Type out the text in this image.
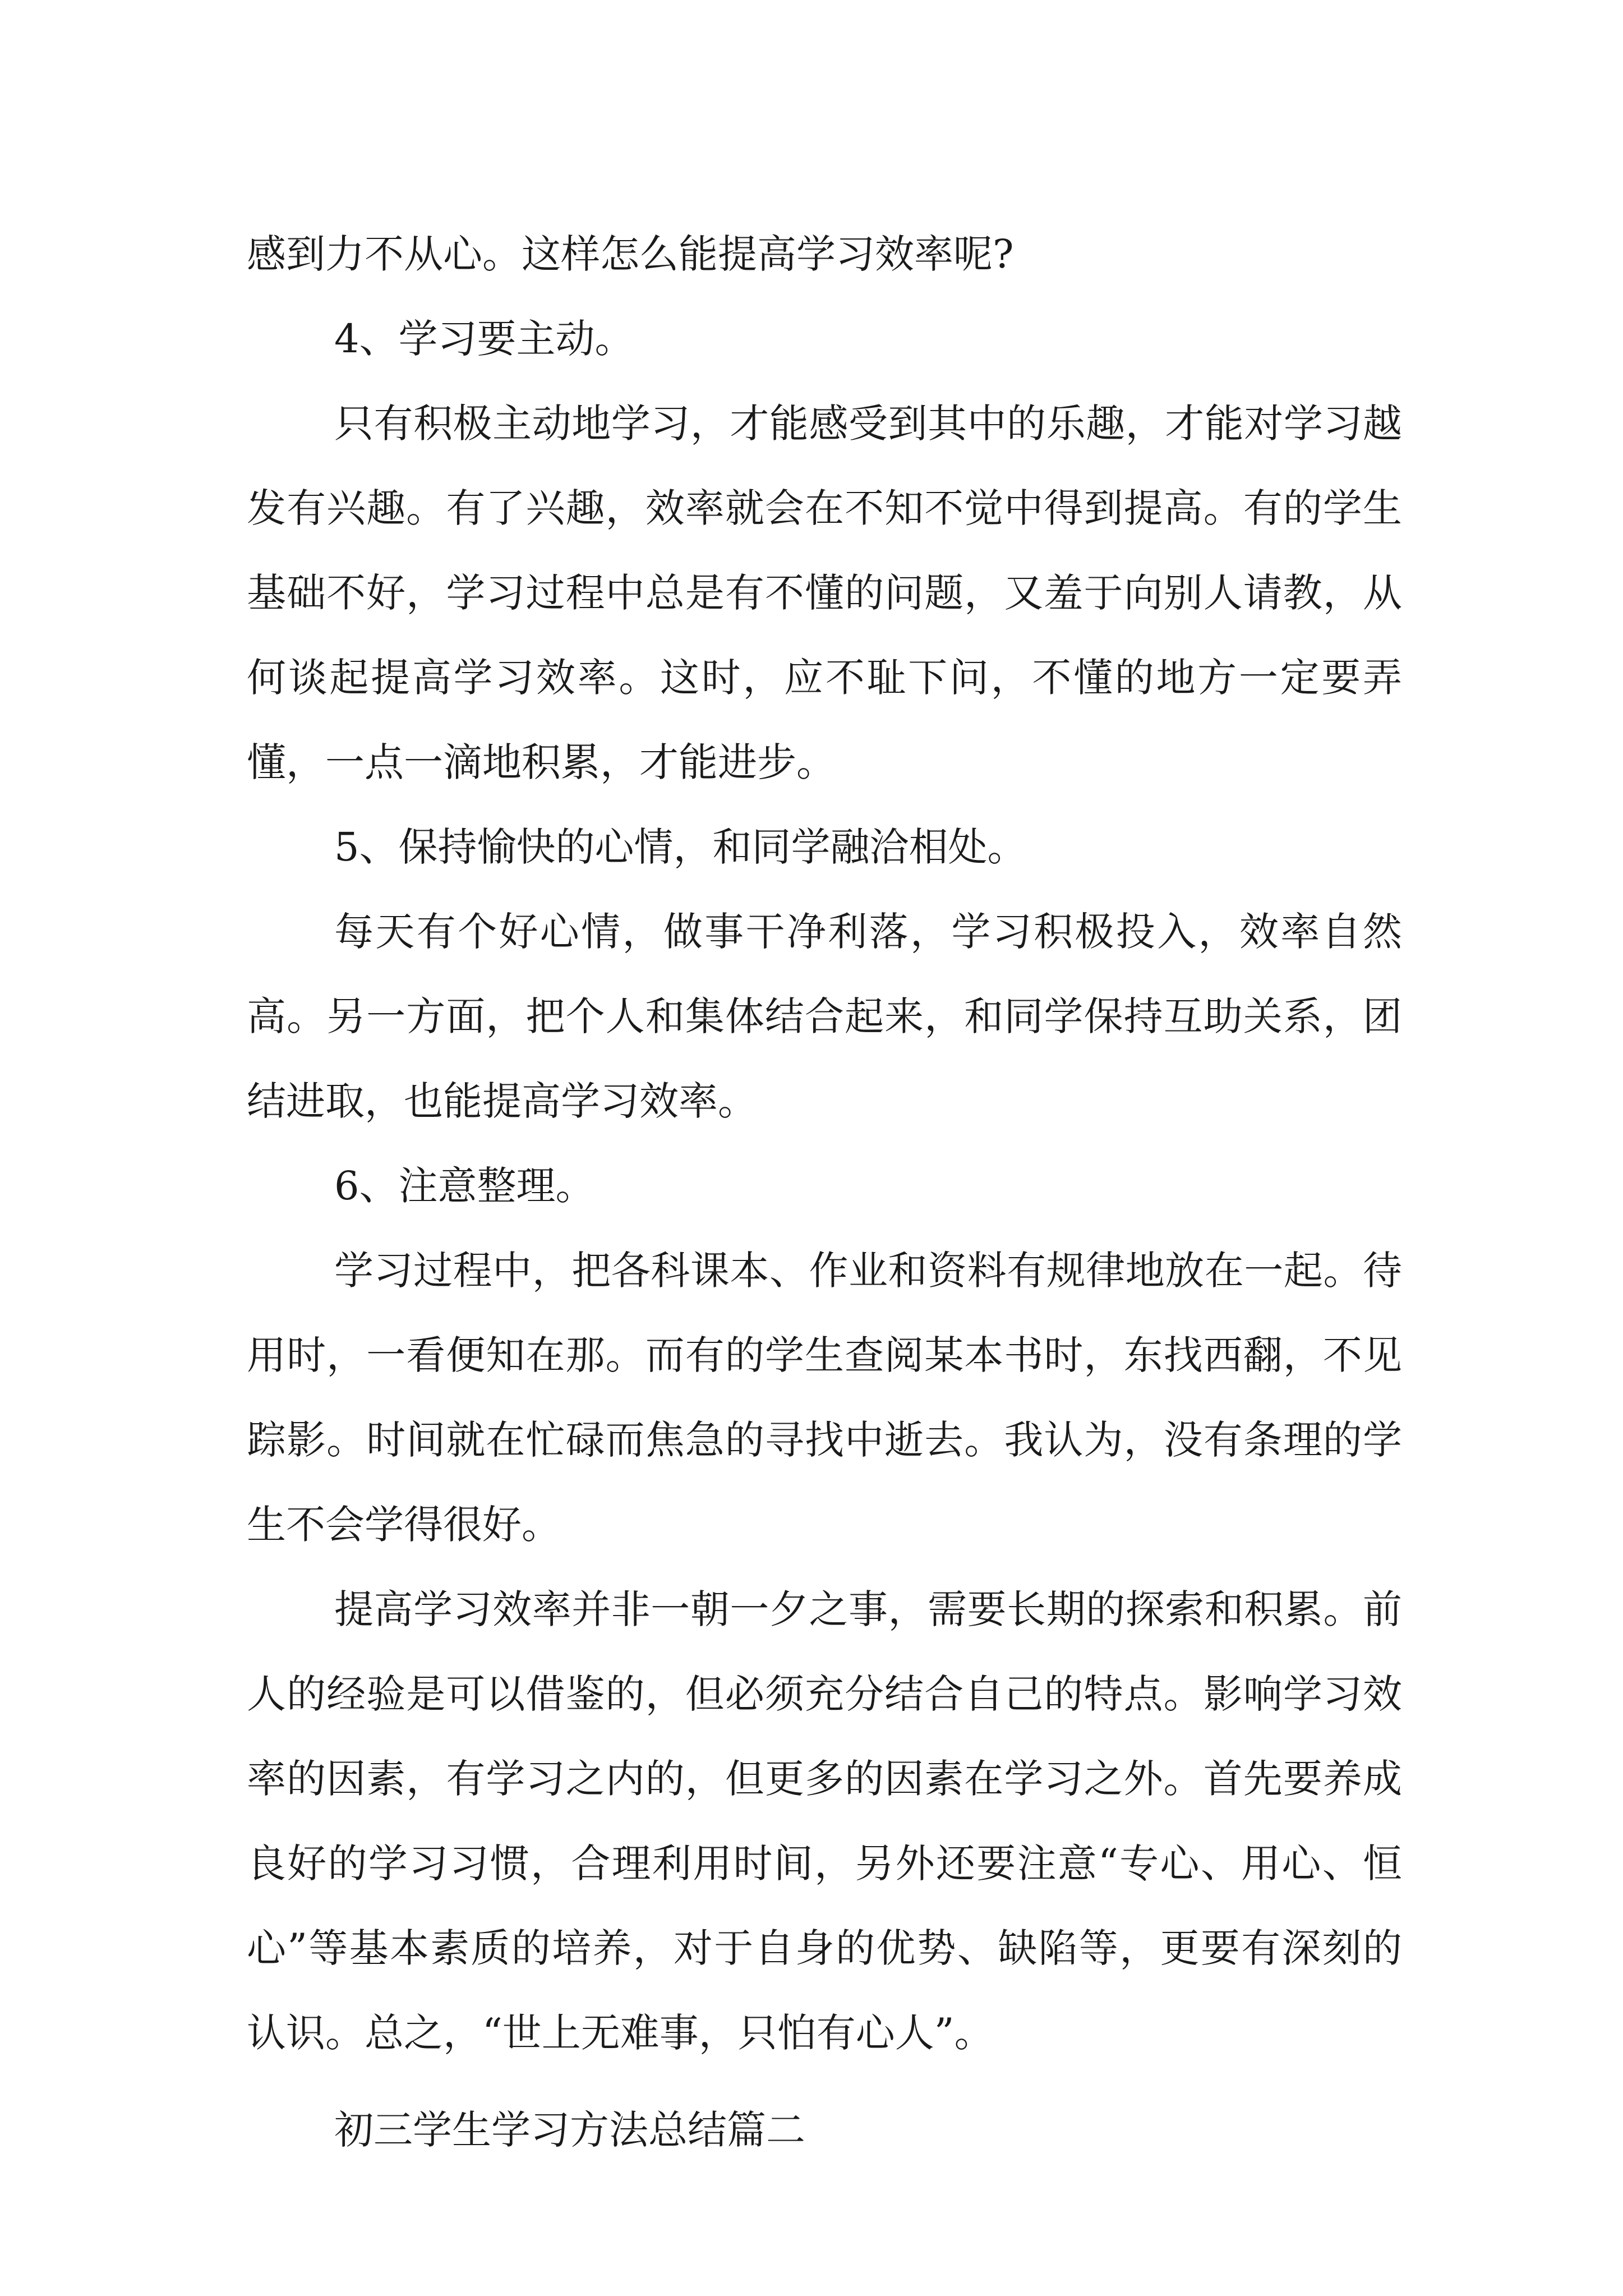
感到力不从心。这样怎么能提高学习效率呢?

4、学习要主动。

只有积极主动地学习，才能感受到其中的乐趣，才能对学习越发有兴趣。有了兴趣，效率就会在不知不觉中得到提高。有的学生基础不好，学习过程中总是有不懂的问题，又羞于向别人请教，从何谈起提高学习效率。这时，应不耻下问，不懂的地方一定要弄懂，一点一滴地积累，才能进步。

5、保持愉快的心情，和同学融洽相处。

每天有个好心情，做事干净利落，学习积极投入，效率自然高。另一方面，把个人和集体结合起来，和同学保持互助关系，团结进取，也能提高学习效率。

6、注意整理。

学习过程中，把各科课本、作业和资料有规律地放在一起。待用时，一看便知在那。而有的学生查阅某本书时，东找西翻，不见踪影。时间就在忙碌而焦急的寻找中逝去。我认为，没有条理的学生不会学得很好。

提高学习效率并非一朝一夕之事，需要长期的探索和积累。前人的经验是可以借鉴的，但必须充分结合自己的特点。影响学习效率的因素，有学习之内的，但更多的因素在学习之外。首先要养成良好的学习习惯，合理利用时间，另外还要注意“专心、用心、恒心”等基本素质的培养，对于自身的优势、缺陷等，更要有深刻的认识。总之，“世上无难事，只怕有心人”。

初三学生学习方法总结篇二
